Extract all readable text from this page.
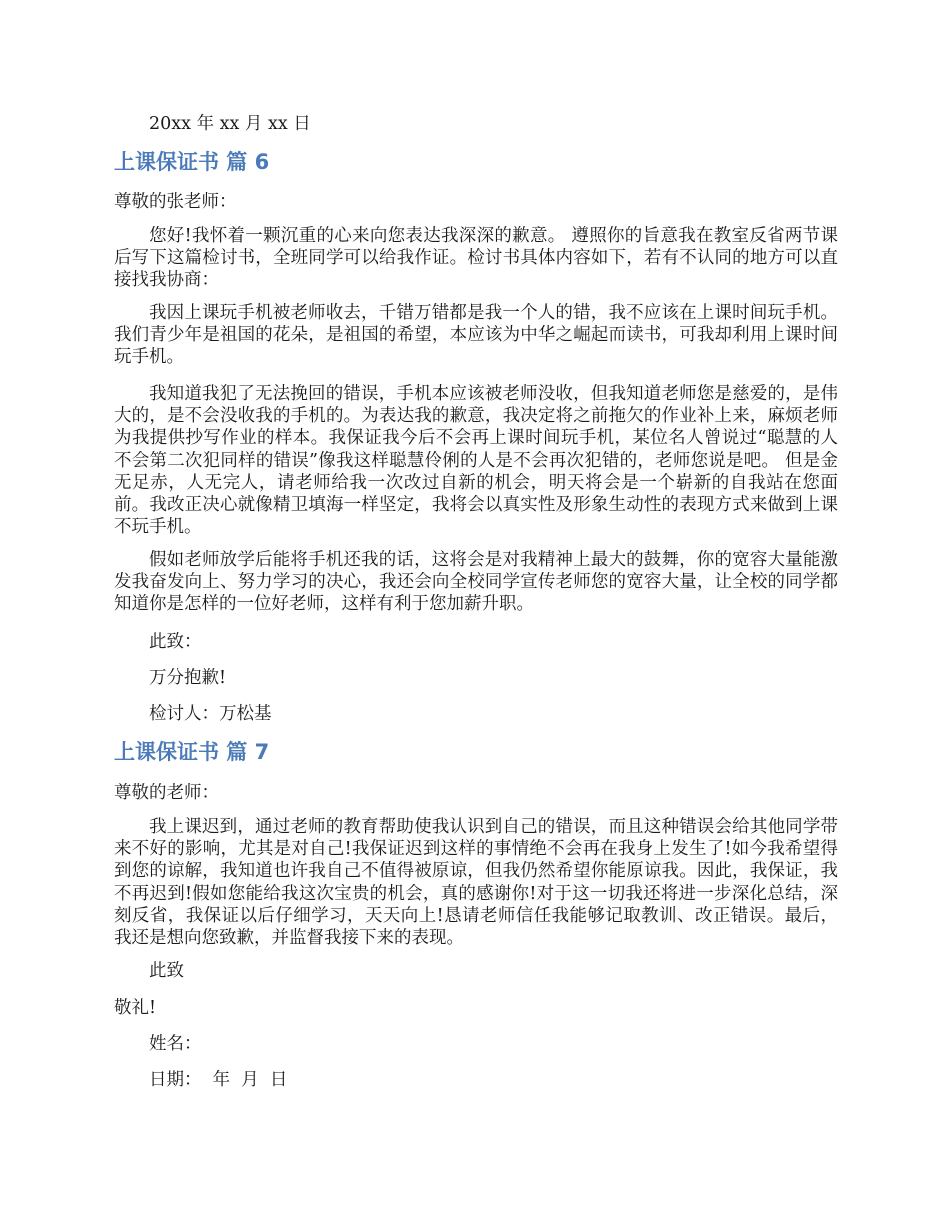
20xx 年 xx 月 xx 日
上课保证书 篇 6
尊敬的张老师：
您好!我怀着一颗沉重的心来向您表达我深深的歉意。 遵照你的旨意我在教室反省两节课后写下这篇检讨书，全班同学可以给我作证。检讨书具体内容如下，若有不认同的地方可以直接找我协商：
我因上课玩手机被老师收去，千错万错都是我一个人的错，我不应该在上课时间玩手机。我们青少年是祖国的花朵，是祖国的希望，本应该为中华之崛起而读书，可我却利用上课时间玩手机。
我知道我犯了无法挽回的错误，手机本应该被老师没收，但我知道老师您是慈爱的，是伟大的，是不会没收我的手机的。为表达我的歉意，我决定将之前拖欠的作业补上来，麻烦老师为我提供抄写作业的样本。我保证我今后不会再上课时间玩手机，某位名人曾说过“聪慧的人不会第二次犯同样的错误”像我这样聪慧伶俐的人是不会再次犯错的，老师您说是吧。 但是金无足赤，人无完人，请老师给我一次改过自新的机会，明天将会是一个崭新的自我站在您面前。我改正决心就像精卫填海一样坚定，我将会以真实性及形象生动性的表现方式来做到上课不玩手机。
假如老师放学后能将手机还我的话，这将会是对我精神上最大的鼓舞，你的宽容大量能激发我奋发向上、努力学习的决心，我还会向全校同学宣传老师您的宽容大量，让全校的同学都知道你是怎样的一位好老师，这样有利于您加薪升职。
此致：
万分抱歉!
检讨人：万松基
上课保证书 篇 7
尊敬的老师：
我上课迟到，通过老师的教育帮助使我认识到自己的错误，而且这种错误会给其他同学带来不好的影响，尤其是对自己!我保证迟到这样的事情绝不会再在我身上发生了!如今我希望得到您的谅解，我知道也许我自己不值得被原谅，但我仍然希望你能原谅我。因此，我保证，我不再迟到!假如您能给我这次宝贵的机会，真的感谢你!对于这一切我还将进一步深化总结，深刻反省，我保证以后仔细学习，天天向上!恳请老师信任我能够记取教训、改正错误。最后，我还是想向您致歉，并监督我接下来的表现。
此致
敬礼!
姓名：
日期：  年  月  日
